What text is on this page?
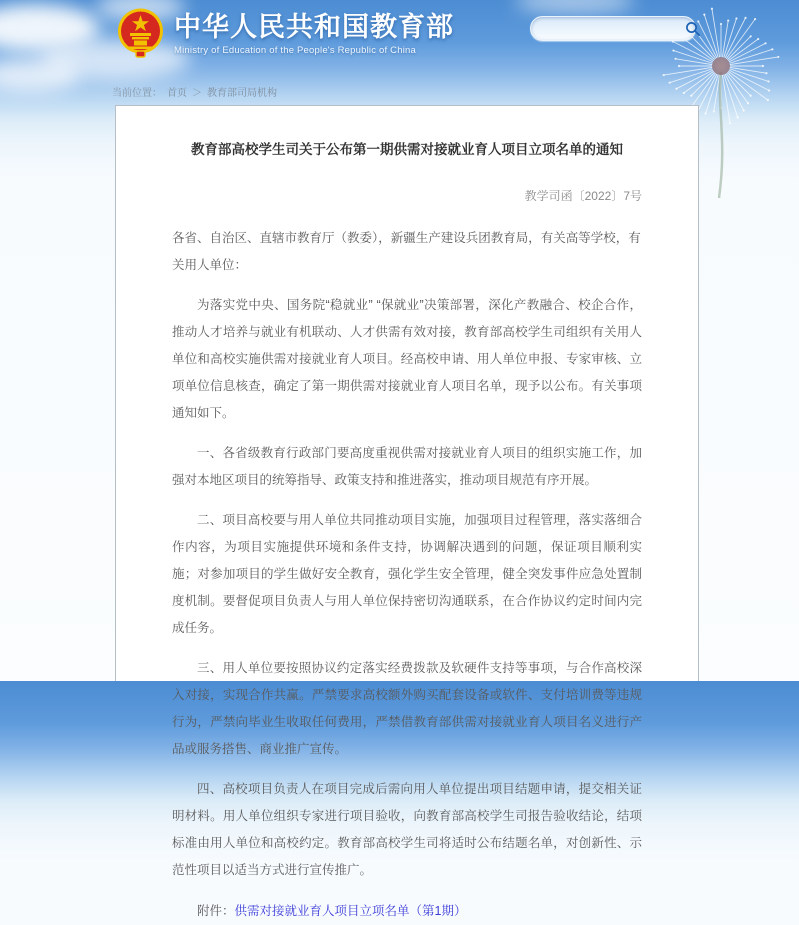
中华人民共和国教育部
Ministry of Education of the People's Republic of China
当前位置： 首页 ＞ 教育部司局机构
教育部高校学生司关于公布第一期供需对接就业育人项目立项名单的通知
教学司函〔2022〕7号

各省、自治区、直辖市教育厅（教委），新疆生产建设兵团教育局，有关高等学校，有关用人单位：

为落实党中央、国务院“稳就业” “保就业”决策部署，深化产教融合、校企合作，推动人才培养与就业有机联动、人才供需有效对接，教育部高校学生司组织有关用人单位和高校实施供需对接就业育人项目。经高校申请、用人单位申报、专家审核、立项单位信息核查，确定了第一期供需对接就业育人项目名单，现予以公布。有关事项通知如下。

一、各省级教育行政部门要高度重视供需对接就业育人项目的组织实施工作，加强对本地区项目的统筹指导、政策支持和推进落实，推动项目规范有序开展。

二、项目高校要与用人单位共同推动项目实施，加强项目过程管理，落实落细合作内容，为项目实施提供环境和条件支持，协调解决遇到的问题，保证项目顺利实施；对参加项目的学生做好安全教育，强化学生安全管理，健全突发事件应急处置制度机制。要督促项目负责人与用人单位保持密切沟通联系，在合作协议约定时间内完成任务。

三、用人单位要按照协议约定落实经费拨款及软硬件支持等事项，与合作高校深入对接，实现合作共赢。严禁要求高校额外购买配套设备或软件、支付培训费等违规行为，严禁向毕业生收取任何费用，严禁借教育部供需对接就业育人项目名义进行产品或服务搭售、商业推广宣传。

四、高校项目负责人在项目完成后需向用人单位提出项目结题申请，提交相关证明材料。用人单位组织专家进行项目验收，向教育部高校学生司报告验收结论，结项标准由用人单位和高校约定。教育部高校学生司将适时公布结题名单，对创新性、示范性项目以适当方式进行宣传推广。

附件：供需对接就业育人项目立项名单（第1期）
